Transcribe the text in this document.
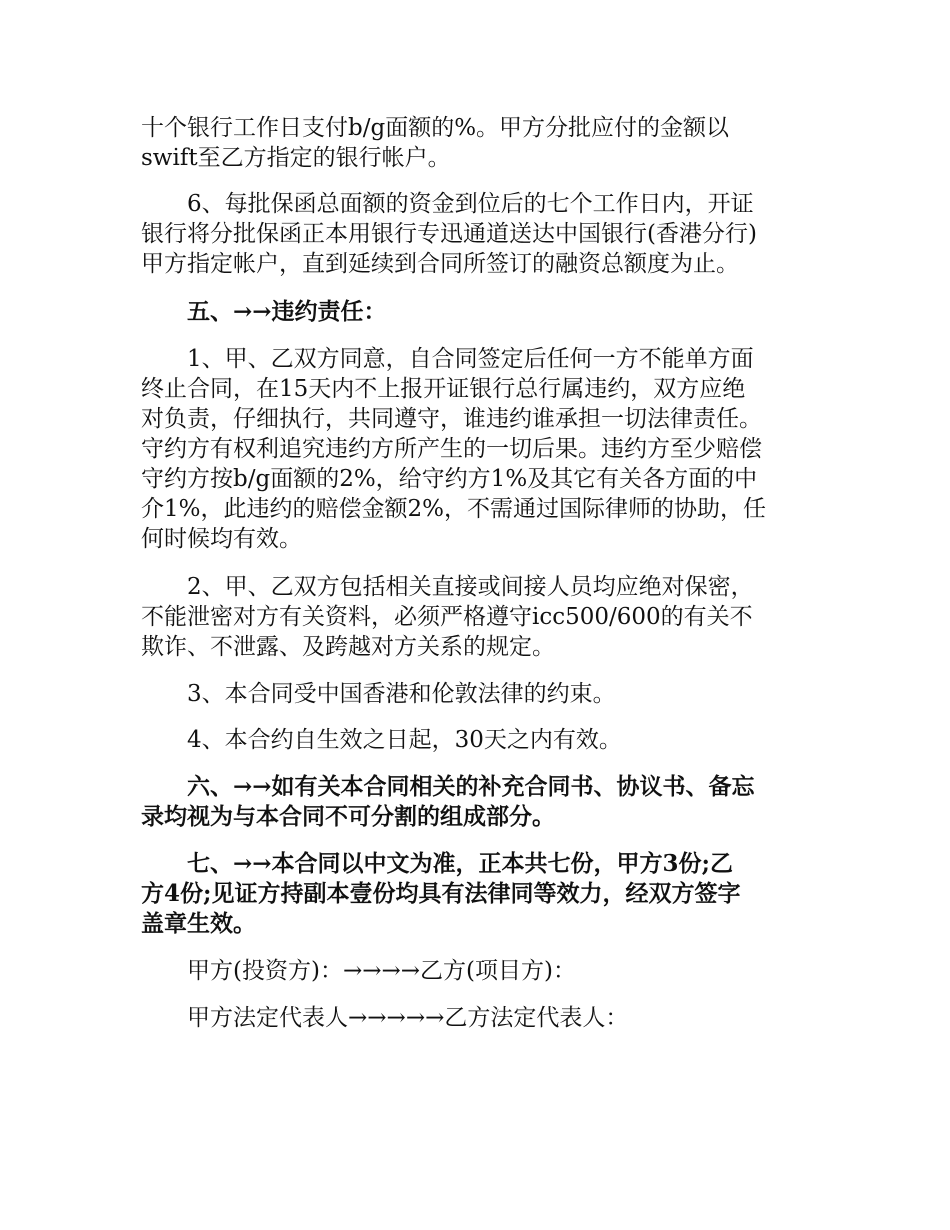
十个银行工作日支付b/g面额的%。甲方分批应付的金额以
swift至乙方指定的银行帐户。
6、每批保函总面额的资金到位后的七个工作日内，开证
银行将分批保函正本用银行专迅通道送达中国银行(香港分行)
甲方指定帐户，直到延续到合同所签订的融资总额度为止。
五、→→违约责任：
1、甲、乙双方同意，自合同签定后任何一方不能单方面
终止合同，在15天内不上报开证银行总行属违约，双方应绝
对负责，仔细执行，共同遵守，谁违约谁承担一切法律责任。
守约方有权利追究违约方所产生的一切后果。违约方至少赔偿
守约方按b/g面额的2%，给守约方1%及其它有关各方面的中
介1%，此违约的赔偿金额2%，不需通过国际律师的协助，任
何时候均有效。
2、甲、乙双方包括相关直接或间接人员均应绝对保密，
不能泄密对方有关资料，必须严格遵守icc500/600的有关不
欺诈、不泄露、及跨越对方关系的规定。
3、本合同受中国香港和伦敦法律的约束。
4、本合约自生效之日起，30天之内有效。
六、→→如有关本合同相关的补充合同书、协议书、备忘
录均视为与本合同不可分割的组成部分。
七、→→本合同以中文为准，正本共七份，甲方3份;乙
方4份;见证方持副本壹份均具有法律同等效力，经双方签字
盖章生效。
甲方(投资方)：→→→→乙方(项目方)：
甲方法定代表人→→→→→乙方法定代表人：
